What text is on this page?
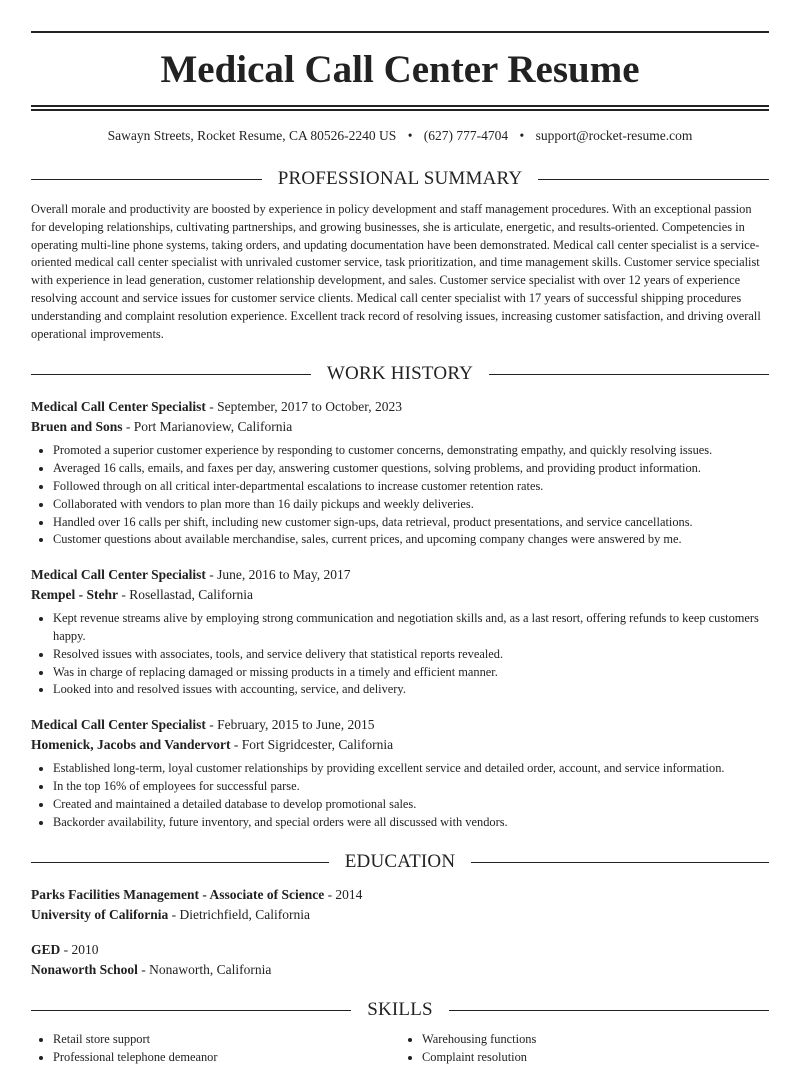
Medical Call Center Resume
Sawayn Streets, Rocket Resume, CA 80526-2240 US • (627) 777-4704 • support@rocket-resume.com
PROFESSIONAL SUMMARY

Overall morale and productivity are boosted by experience in policy development and staff management procedures. With an exceptional passion for developing relationships, cultivating partnerships, and growing businesses, she is articulate, energetic, and results-oriented. Competencies in operating multi-line phone systems, taking orders, and updating documentation have been demonstrated. Medical call center specialist is a service-oriented medical call center specialist with unrivaled customer service, task prioritization, and time management skills. Customer service specialist with experience in lead generation, customer relationship development, and sales. Customer service specialist with over 12 years of experience resolving account and service issues for customer service clients. Medical call center specialist with 17 years of successful shipping procedures understanding and complaint resolution experience. Excellent track record of resolving issues, increasing customer satisfaction, and driving overall operational improvements.

WORK HISTORY
Medical Call Center Specialist - September, 2017 to October, 2023
Bruen and Sons - Port Marianoview, California
• Promoted a superior customer experience by responding to customer concerns, demonstrating empathy, and quickly resolving issues.
• Averaged 16 calls, emails, and faxes per day, answering customer questions, solving problems, and providing product information.
• Followed through on all critical inter-departmental escalations to increase customer retention rates.
• Collaborated with vendors to plan more than 16 daily pickups and weekly deliveries.
• Handled over 16 calls per shift, including new customer sign-ups, data retrieval, product presentations, and service cancellations.
• Customer questions about available merchandise, sales, current prices, and upcoming company changes were answered by me.
Medical Call Center Specialist - June, 2016 to May, 2017
Rempel - Stehr - Rosellastad, California
• Kept revenue streams alive by employing strong communication and negotiation skills and, as a last resort, offering refunds to keep customers happy.
• Resolved issues with associates, tools, and service delivery that statistical reports revealed.
• Was in charge of replacing damaged or missing products in a timely and efficient manner.
• Looked into and resolved issues with accounting, service, and delivery.
Medical Call Center Specialist - February, 2015 to June, 2015
Homenick, Jacobs and Vandervort - Fort Sigridcester, California
• Established long-term, loyal customer relationships by providing excellent service and detailed order, account, and service information.
• In the top 16% of employees for successful parse.
• Created and maintained a detailed database to develop promotional sales.
• Backorder availability, future inventory, and special orders were all discussed with vendors.
EDUCATION
Parks Facilities Management - Associate of Science - 2014
University of California - Dietrichfield, California
GED - 2010
Nonaworth School - Nonaworth, California
SKILLS
• Retail store support
• Professional telephone demeanor
• Warehousing functions
• Complaint resolution
